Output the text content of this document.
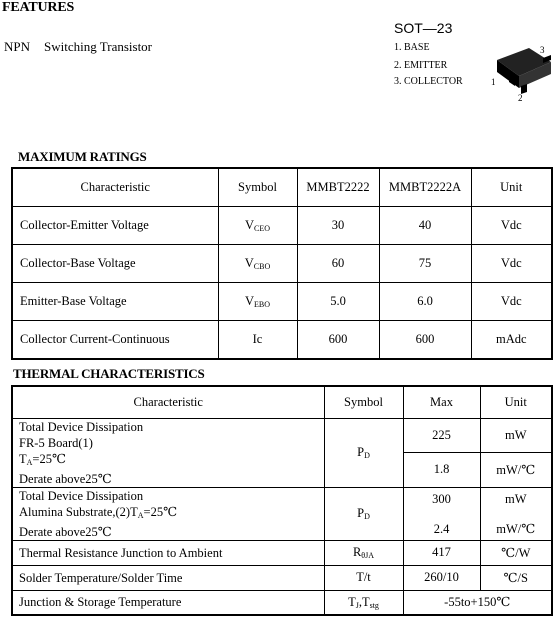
FEATURES
NPN Switching Transistor
SOT—23
1. BASE
2. EMITTER
3. COLLECTOR	1
2
3
MAXIMUM RATINGS
Characteristic	Symbol	MMBT2222	MMBT2222A	Unit
Collector-Emitter Voltage	$V_{CEO}$	30	40	Vdc
Collector-Base Voltage	$V_{CBO}$	60	75	Vdc
Emitter-Base Voltage	$V_{EBO}$	5.0	6.0	Vdc
Collector Current-Continuous	Ic	600	600	mAdc
THERMAL CHARACTERISTICS
Characteristic	Symbol	Max	Unit

Total Device Dissipation
FR-5 Board(1)
$T_A=25℃$
Derate above25℃	$P_D$	225	mW
		1.8	mW/℃

Total Device Dissipation
Alumina $Substrate,(2)T_A=25℃$
Derate above25℃	$P_D$	300	mW
		2.4	mW/℃
Thermal Resistance Junction to Ambient	$R_{\theta JA}$	417	℃/W
Solder Temperature/Solder Time	T/t	260/10	℃/S
Junction & Storage Temperature	$T_J,T_{stg}$	-55to+150℃	
